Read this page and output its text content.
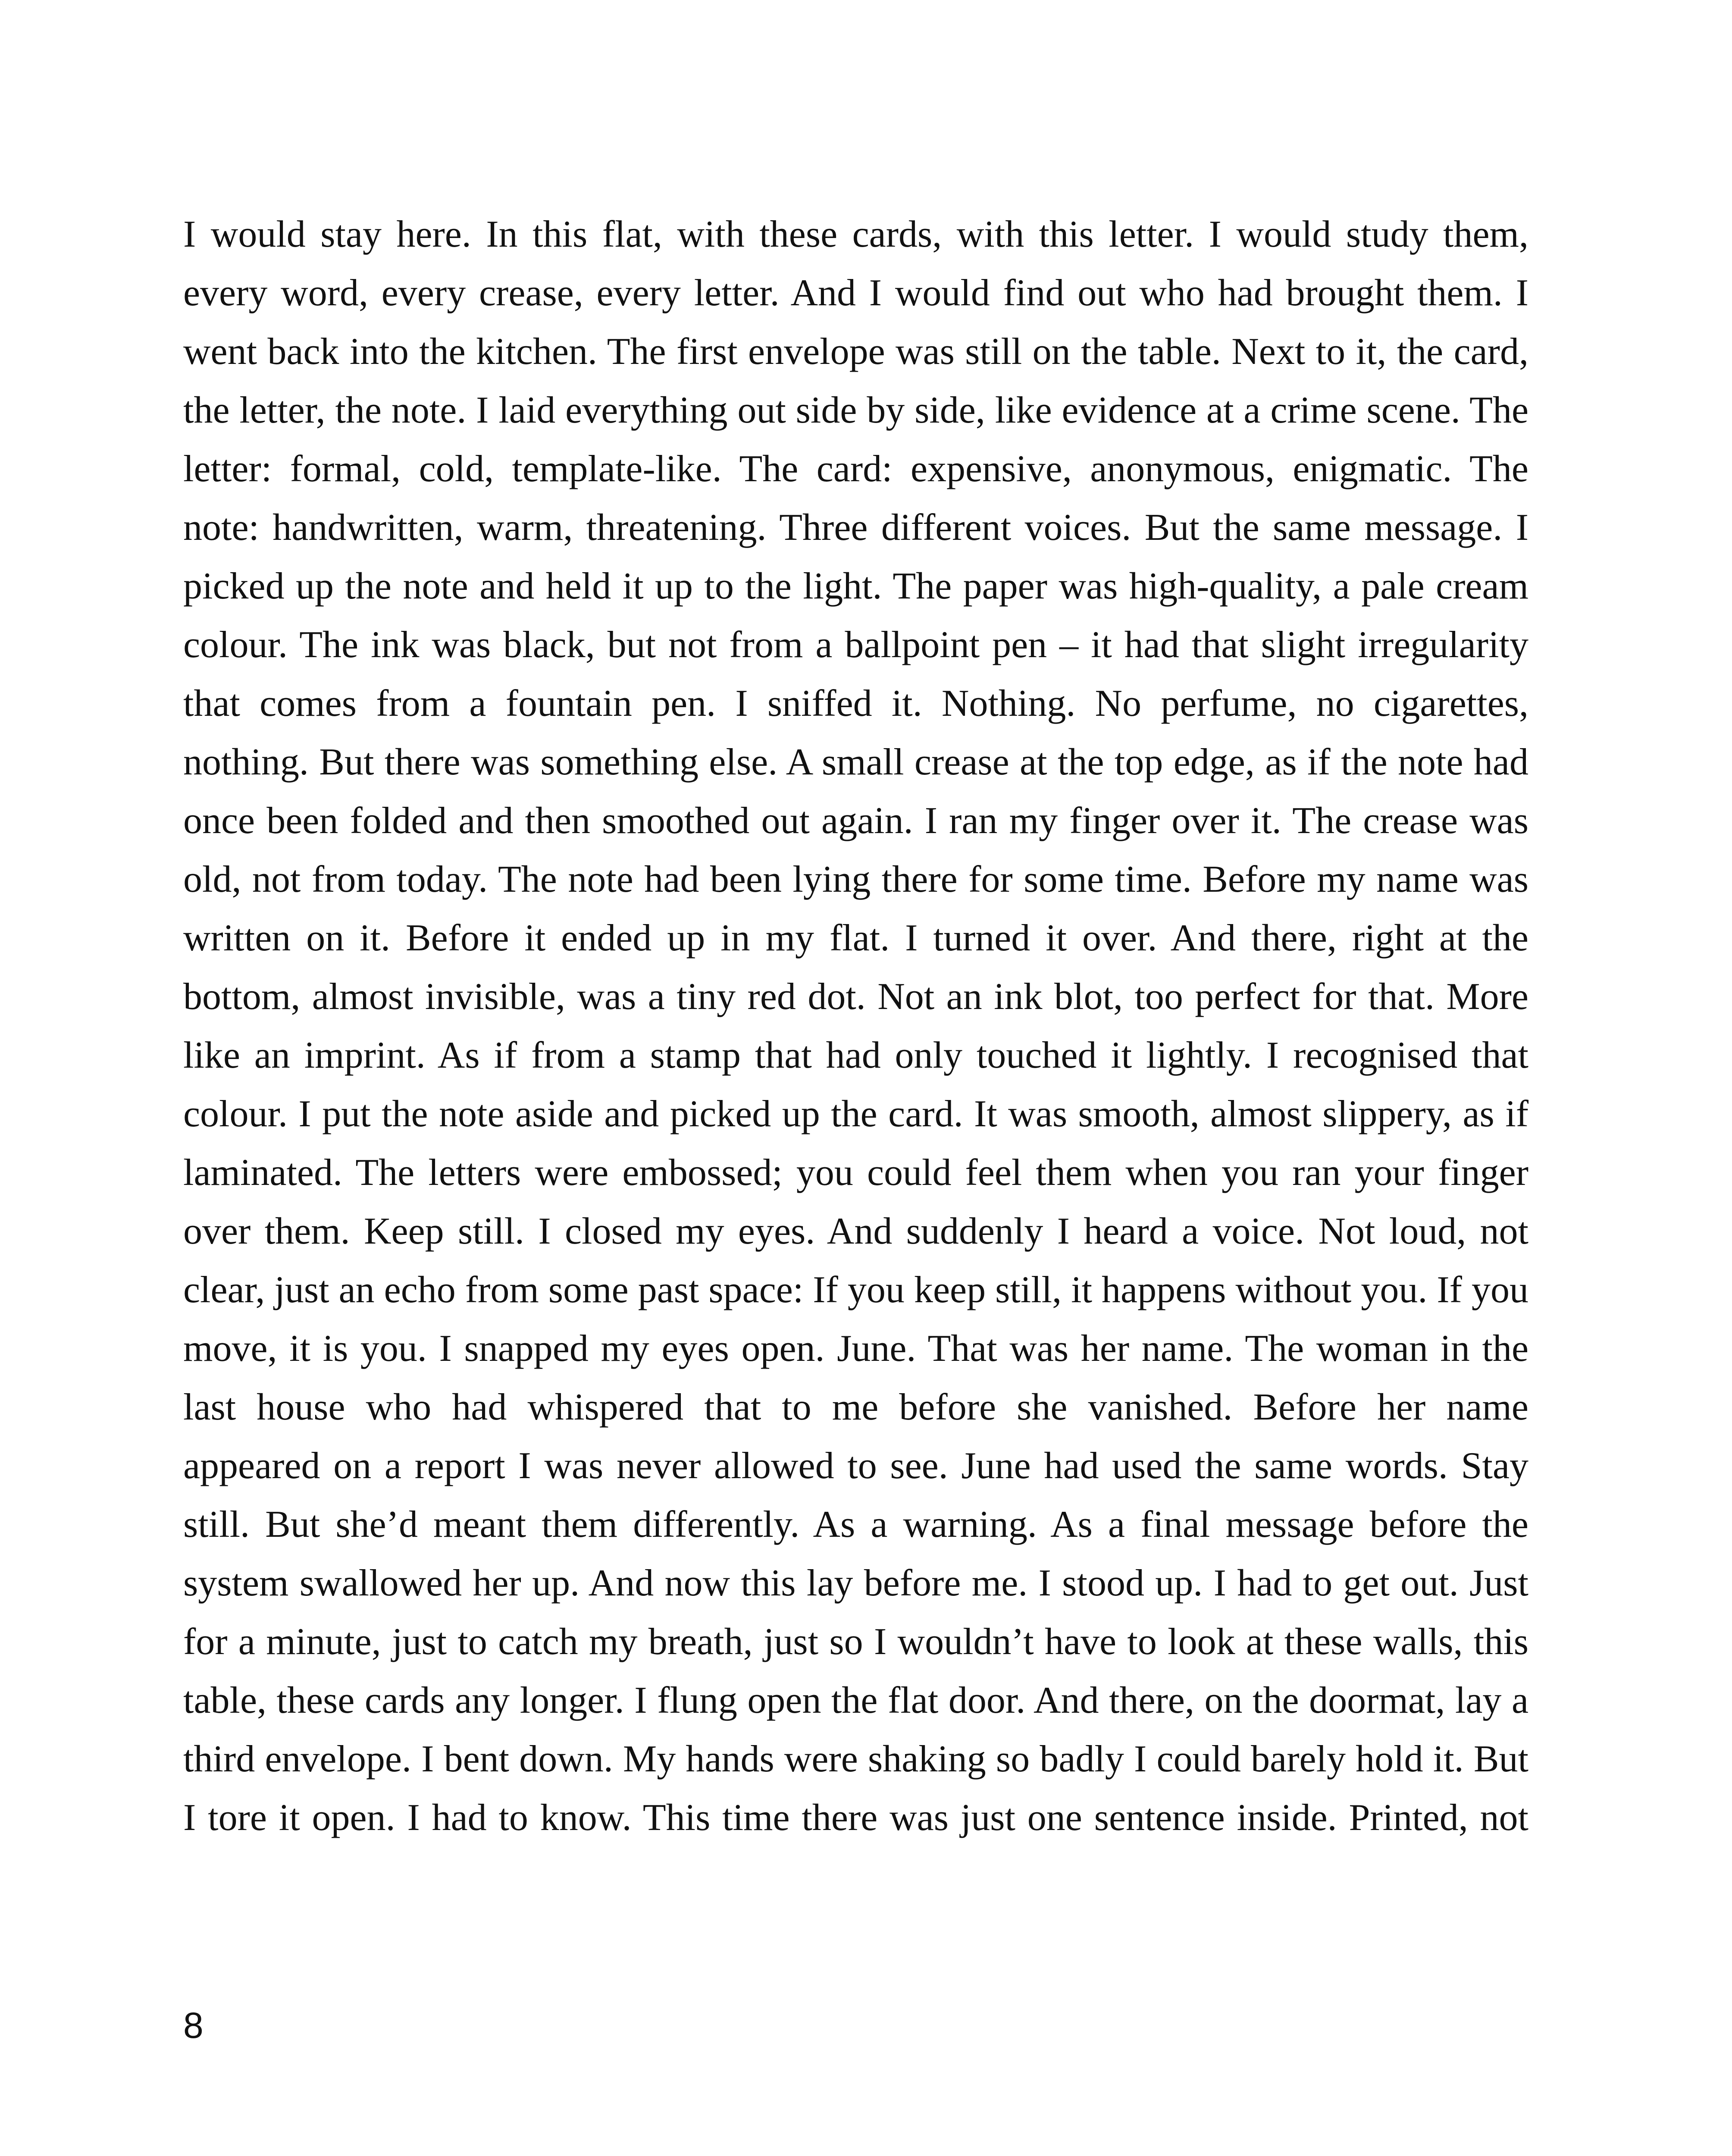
I would stay here. In this flat, with these cards, with this letter. I would study them, every word, every crease, every letter. And I would find out who had brought them. I went back into the kitchen. The first envelope was still on the table. Next to it, the card, the letter, the note. I laid everything out side by side, like evidence at a crime scene. The letter: formal, cold, template-like. The card: expensive, anonymous, enigmatic. The note: handwritten, warm, threatening. Three different voices. But the same message. I picked up the note and held it up to the light. The paper was high-quality, a pale cream colour. The ink was black, but not from a ballpoint pen – it had that slight irregularity that comes from a fountain pen. I sniffed it. Nothing. No perfume, no cigarettes, nothing. But there was something else. A small crease at the top edge, as if the note had once been folded and then smoothed out again. I ran my finger over it. The crease was old, not from today. The note had been lying there for some time. Before my name was written on it. Before it ended up in my flat. I turned it over. And there, right at the bottom, almost invisible, was a tiny red dot. Not an ink blot, too perfect for that. More like an imprint. As if from a stamp that had only touched it lightly. I recognised that colour. I put the note aside and picked up the card. It was smooth, almost slippery, as if laminated. The letters were embossed; you could feel them when you ran your finger over them. Keep still. I closed my eyes. And suddenly I heard a voice. Not loud, not clear, just an echo from some past space: If you keep still, it happens without you. If you move, it is you. I snapped my eyes open. June. That was her name. The woman in the last house who had whispered that to me before she vanished. Before her name appeared on a report I was never allowed to see. June had used the same words. Stay still. But she’d meant them differently. As a warning. As a final message before the system swallowed her up. And now this lay before me. I stood up. I had to get out. Just for a minute, just to catch my breath, just so I wouldn’t have to look at these walls, this table, these cards any longer. I flung open the flat door. And there, on the doormat, lay a third envelope. I bent down. My hands were shaking so badly I could barely hold it. But I tore it open. I had to know. This time there was just one sentence inside. Printed, not

8
